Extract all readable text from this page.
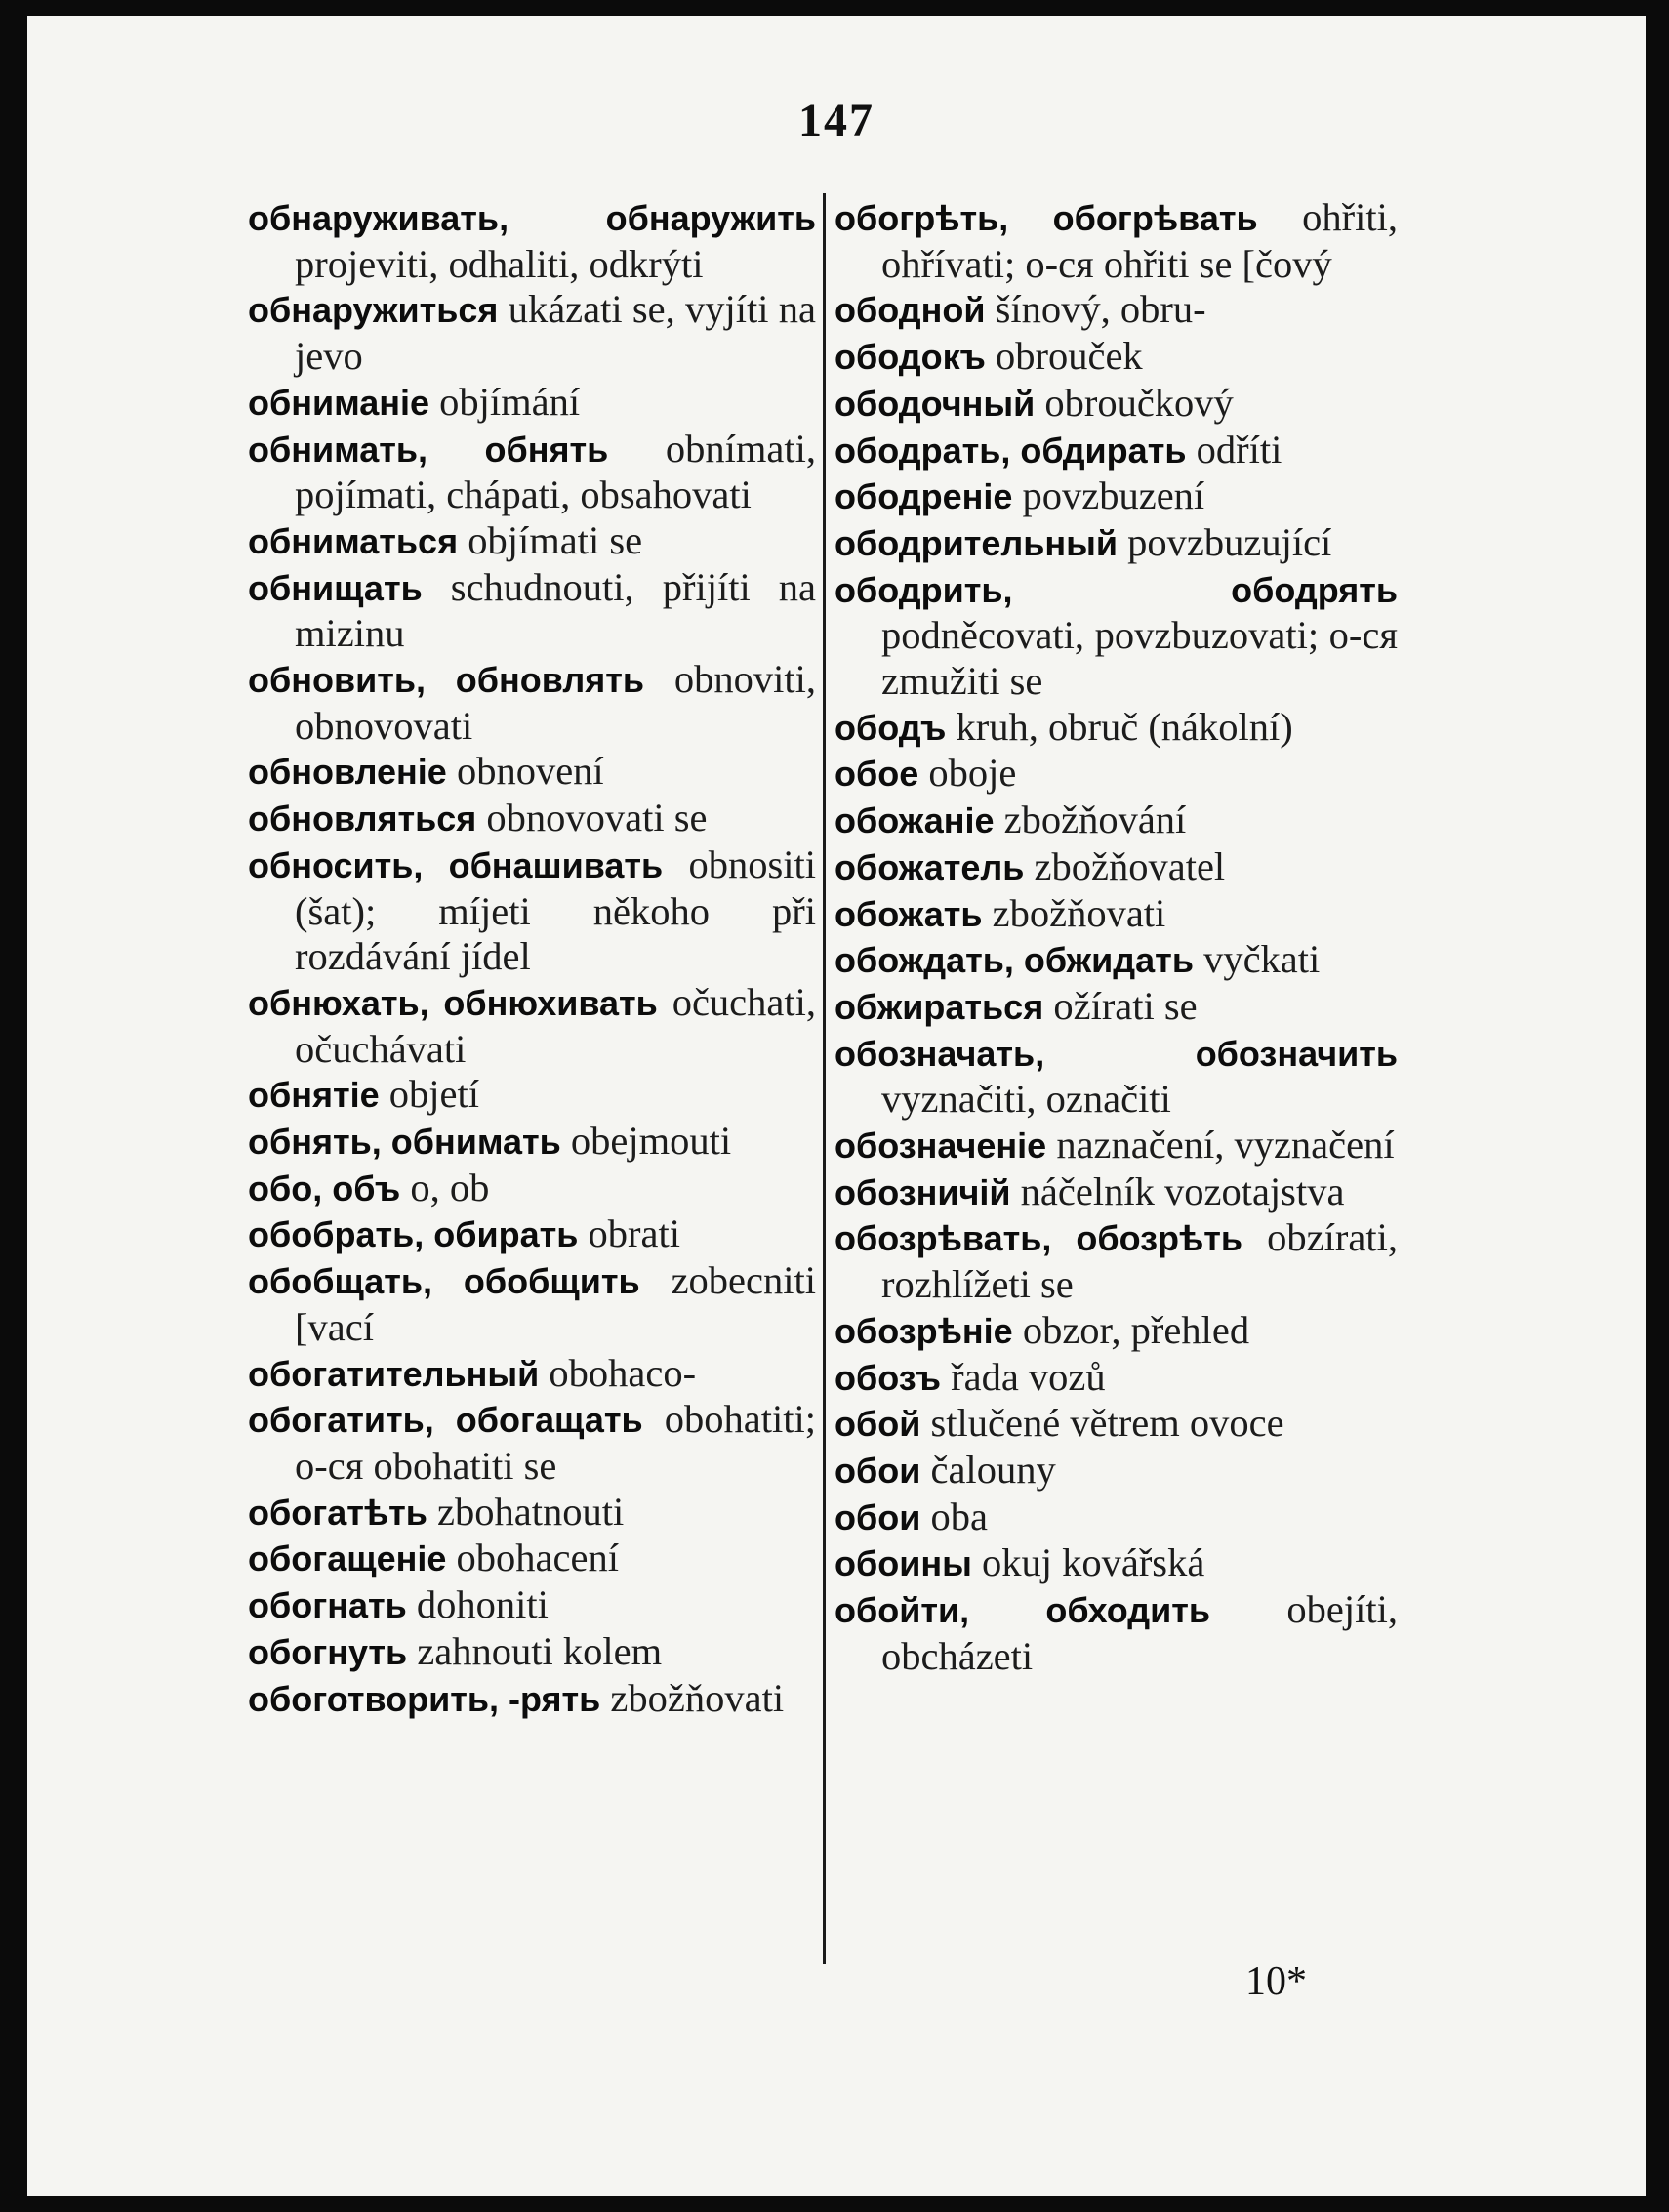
147

обнаруживать, обнаружить projeviti, odhaliti, odkrýti

обнаружиться ukázati se, vyjíti na jevo

обниманіе objímání

обнимать, обнять obnímati, pojímati, chápati, obsahovati

обниматься objímati se

обнищать schudnouti, přijíti na mizinu

обновить, обновлять obnoviti, obnovovati

обновленіе obnovení

обновляться obnovovati se

обносить, обнашивать obnositi (šat); míjeti někoho při rozdávání jídel

обнюхать, обнюхивать očuchati, očuchávati

обнятіе objetí

обнять, обнимать obejmouti

обо, объ o, ob

обобрать, обирать obrati

обобщать, обобщить zobecniti [vací

обогатительный obohaco-

обогатить, обогащать obohatiti; o-ся obohatiti se

обогатѣть zbohatnouti

обогащеніе obohacení

обогнать dohoniti

обогнуть zahnouti kolem

обоготворить, -рять zbožňovati

обогрѣть, обогрѣвать ohřiti, ohřívati; o-ся ohřiti se [čový

ободной šínový, obru-

ободокъ obrouček

ободочный obroučkový

ободрать, обдирать odříti

ободреніе povzbuzení

ободрительный povzbuzující

ободрить, ободрять podněcovati, povzbuzovati; o-ся zmužiti se

ободъ kruh, obruč (nákolní)

обое oboje

обожаніе zbožňování

обожатель zbožňovatel

обожать zbožňovati

обождать, обжидать vyčkati

обжираться ožírati se

обозначать, обозначить vyznačiti, označiti

обозначеніе naznačení, vyznačení

обозничій náčelník vozotajstva

обозрѣвать, обозрѣть obzírati, rozhlížeti se

обозрѣніе obzor, přehled

обозъ řada vozů

обой stlučené větrem ovoce

обои čalouny

обои oba

обоины okuj kovářská

обойти, обходить obejíti, obcházeti

10*
